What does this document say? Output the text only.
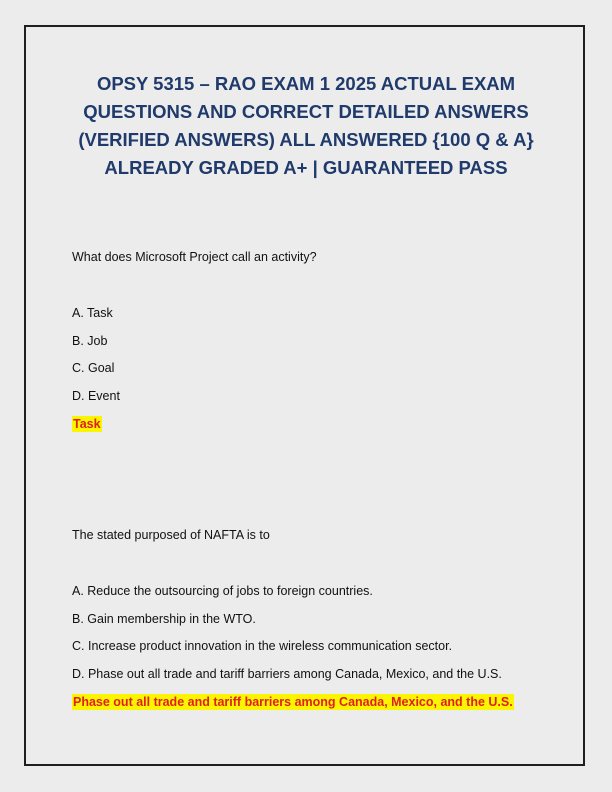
OPSY 5315 – RAO EXAM 1 2025 ACTUAL EXAM
QUESTIONS AND CORRECT DETAILED ANSWERS
(VERIFIED ANSWERS) ALL ANSWERED {100 Q & A}
ALREADY GRADED A+ | GUARANTEED PASS
What does Microsoft Project call an activity?
A. Task
B. Job
C. Goal
D. Event
Task
The stated purposed of NAFTA is to
A. Reduce the outsourcing of jobs to foreign countries.
B. Gain membership in the WTO.
C. Increase product innovation in the wireless communication sector.
D. Phase out all trade and tariff barriers among Canada, Mexico, and the U.S.
Phase out all trade and tariff barriers among Canada, Mexico, and the U.S.
